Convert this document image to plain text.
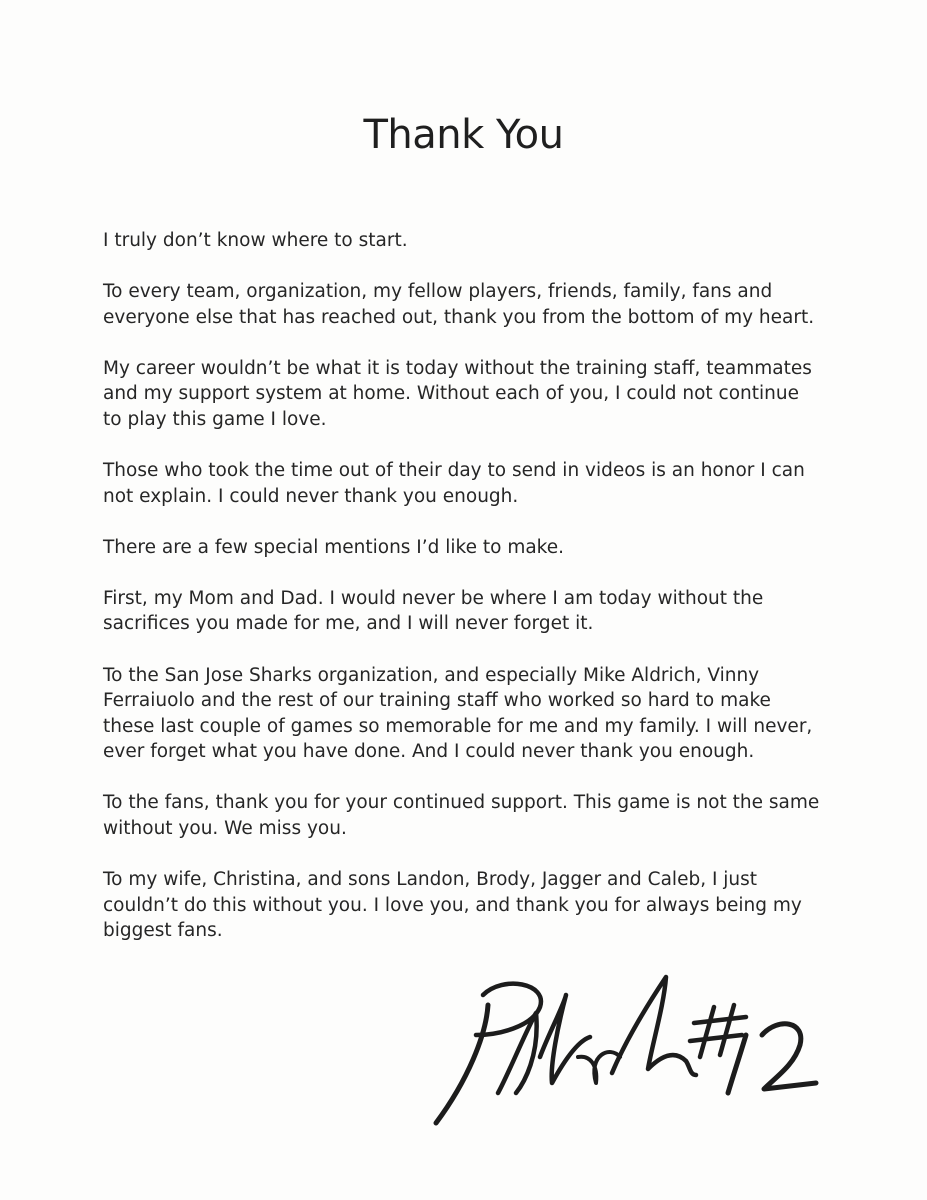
Thank You

I truly don’t know where to start.

To every team, organization, my fellow players, friends, family, fans and everyone else that has reached out, thank you from the bottom of my heart.

My career wouldn’t be what it is today without the training staff, teammates and my support system at home. Without each of you, I could not continue to play this game I love.

Those who took the time out of their day to send in videos is an honor I can not explain. I could never thank you enough.

There are a few special mentions I’d like to make.

First, my Mom and Dad. I would never be where I am today without the sacrifices you made for me, and I will never forget it.

To the San Jose Sharks organization, and especially Mike Aldrich, Vinny Ferraiuolo and the rest of our training staff who worked so hard to make these last couple of games so memorable for me and my family. I will never, ever forget what you have done. And I could never thank you enough.

To the fans, thank you for your continued support. This game is not the same without you. We miss you.

To my wife, Christina, and sons Landon, Brody, Jagger and Caleb, I just couldn’t do this without you. I love you, and thank you for always being my biggest fans.
